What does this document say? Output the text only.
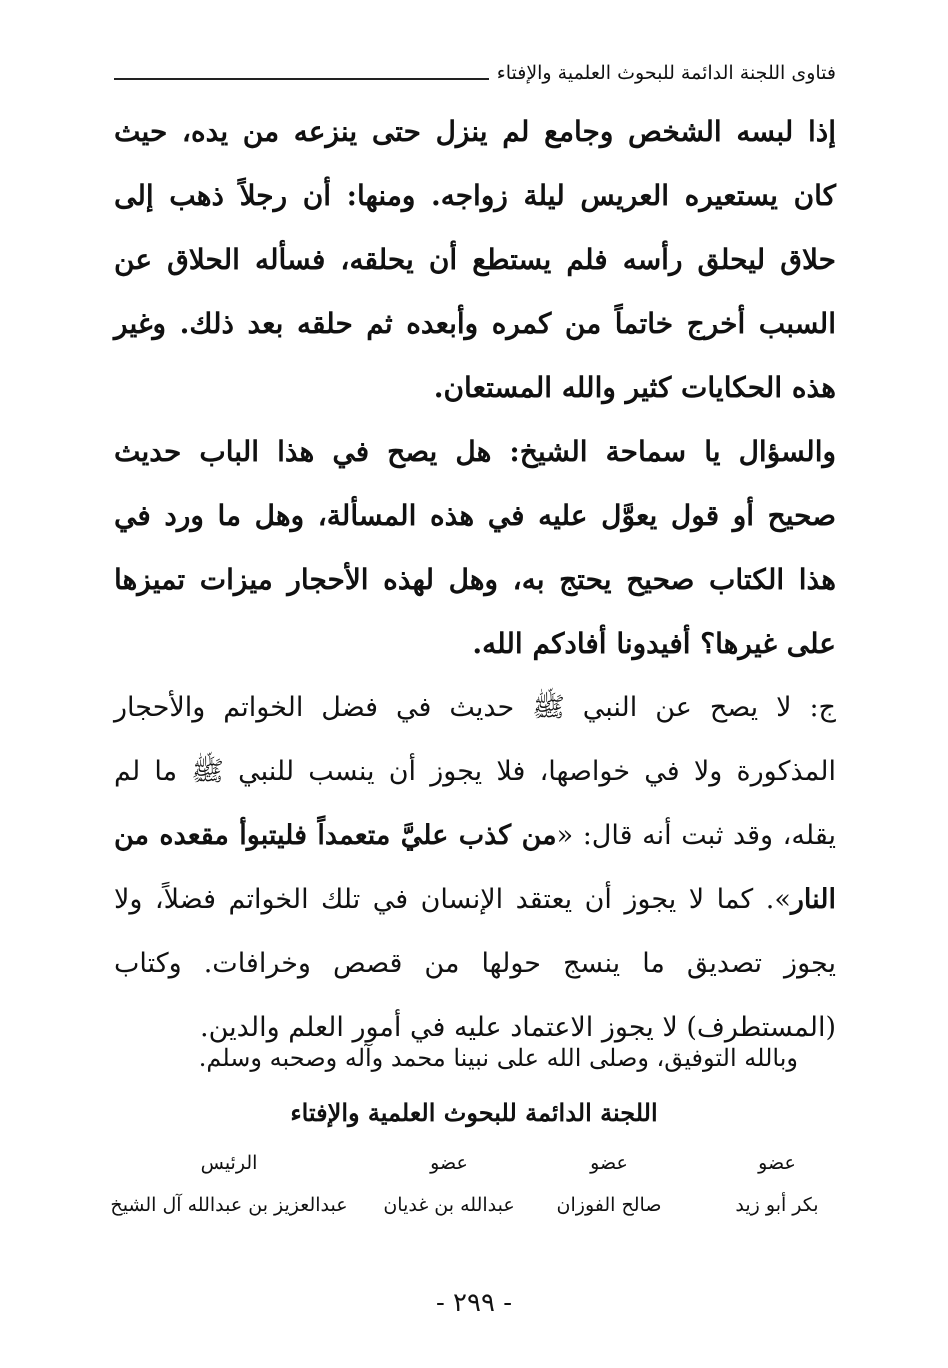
فتاوى اللجنة الدائمة للبحوث العلمية والإفتاء

إذا لبسه الشخص وجامع لم ينزل حتى ينزعه من يده، حيث كان يستعيره العريس ليلة زواجه. ومنها: أن رجلاً ذهب إلى حلاق ليحلق رأسه فلم يستطع أن يحلقه، فسأله الحلاق عن السبب أخرج خاتماً من كمره وأبعده ثم حلقه بعد ذلك. وغير هذه الحكايات كثير والله المستعان.

والسؤال يا سماحة الشيخ: هل يصح في هذا الباب حديث صحيح أو قول يعوَّل عليه في هذه المسألة، وهل ما ورد في هذا الكتاب صحيح يحتج به، وهل لهذه الأحجار ميزات تميزها على غيرها؟ أفيدونا أفادكم الله.

ج: لا يصح عن النبي ﷺ حديث في فضل الخواتم والأحجار المذكورة ولا في خواصها، فلا يجوز أن ينسب للنبي ﷺ ما لم يقله، وقد ثبت أنه قال: «من كذب عليَّ متعمداً فليتبوأ مقعده من النار». كما لا يجوز أن يعتقد الإنسان في تلك الخواتم فضلاً، ولا يجوز تصديق ما ينسج حولها من قصص وخرافات. وكتاب (المستطرف) لا يجوز الاعتماد عليه في أمور العلم والدين.

وبالله التوفيق، وصلى الله على نبينا محمد وآله وصحبه وسلم.
اللجنة الدائمة للبحوث العلمية والإفتاء
عضو
عضو
عضو
الرئيس
بكر أبو زيد
صالح الفوزان
عبدالله بن غديان
عبدالعزيز بن عبدالله آل الشيخ
- ٢٩٩ -
